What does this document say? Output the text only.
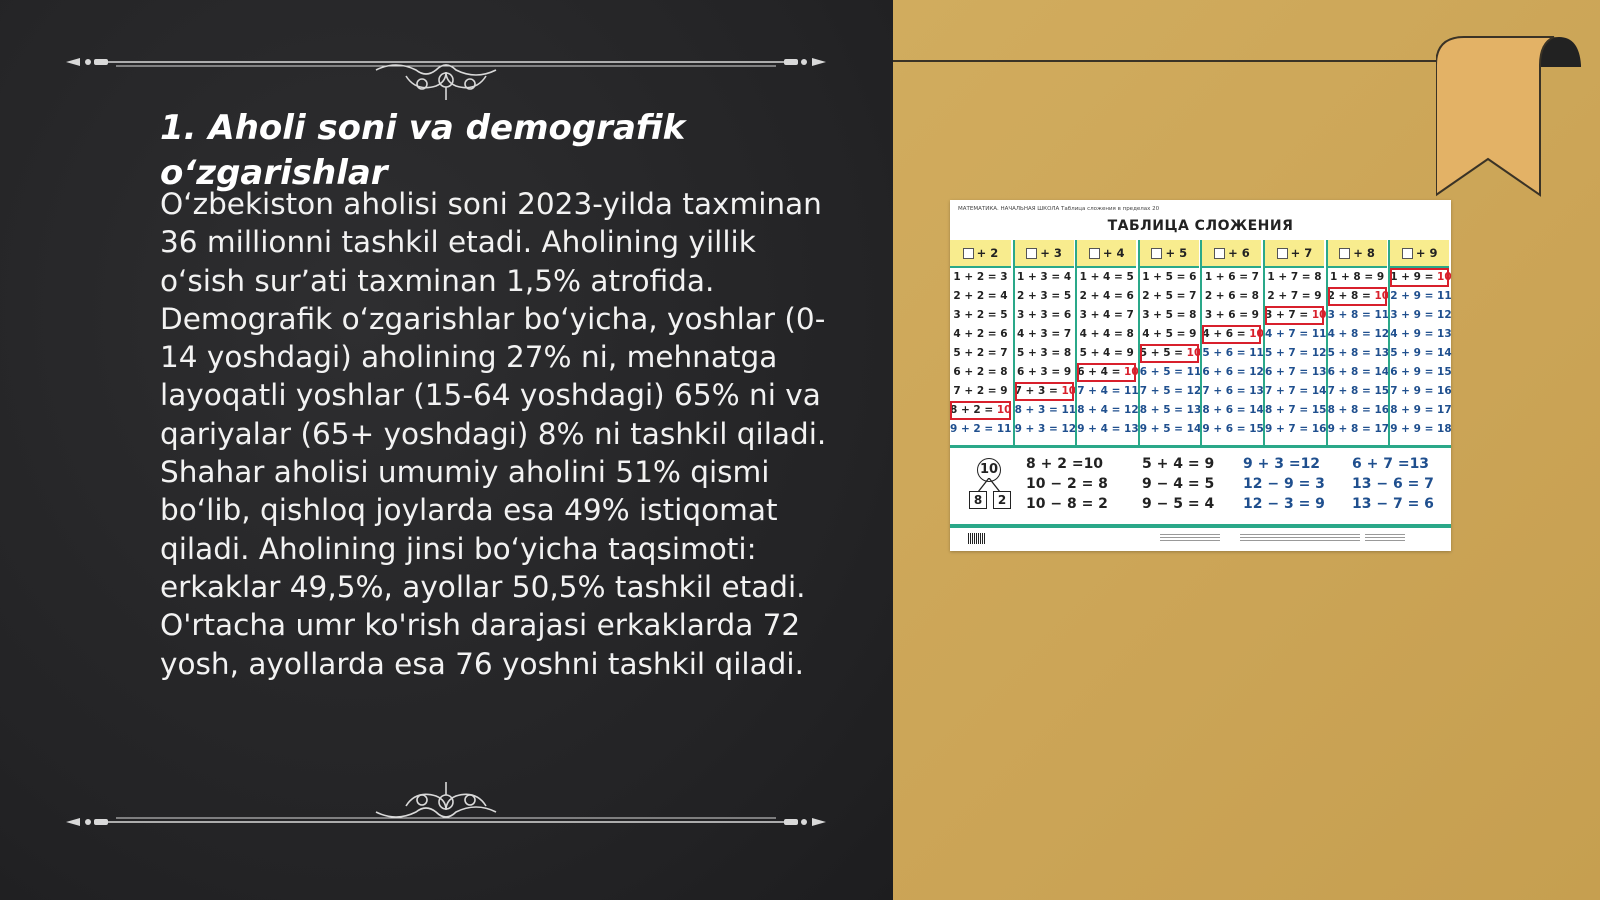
1. Aholi soni va demografik o‘zgarishlar

O‘zbekiston aholisi soni 2023-yilda taxminan 36 millionni tashkil etadi. Aholining yillik o‘sish sur’ati taxminan 1,5% atrofida. Demografik o‘zgarishlar bo‘yicha, yoshlar (0-14 yoshdagi) aholining 27% ni, mehnatga layoqatli yoshlar (15-64 yoshdagi) 65% ni va qariyalar (65+ yoshdagi) 8% ni tashkil qiladi. Shahar aholisi umumiy aholini 51% qismi bo‘lib, qishloq joylarda esa 49% istiqomat qiladi. Aholining jinsi bo‘yicha taqsimoti: erkaklar 49,5%, ayollar 50,5% tashkil etadi. O'rtacha umr ko'rish darajasi erkaklarda 72 yosh, ayollarda esa 76 yoshni tashkil qiladi.

МАТЕМАТИКА. НАЧАЛЬНАЯ ШКОЛА Таблица сложения в пределах 20
ТАБЛИЦА СЛОЖЕНИЯ
+ 2
1 + 2 = 3
2 + 2 = 4
3 + 2 = 5
4 + 2 = 6
5 + 2 = 7
6 + 2 = 8
7 + 2 = 9
8 + 2 = 10
9 + 2 = 11
+ 3
1 + 3 = 4
2 + 3 = 5
3 + 3 = 6
4 + 3 = 7
5 + 3 = 8
6 + 3 = 9
7 + 3 = 10
8 + 3 = 11
9 + 3 = 12
+ 4
1 + 4 = 5
2 + 4 = 6
3 + 4 = 7
4 + 4 = 8
5 + 4 = 9
6 + 4 = 10
7 + 4 = 11
8 + 4 = 12
9 + 4 = 13
+ 5
1 + 5 = 6
2 + 5 = 7
3 + 5 = 8
4 + 5 = 9
5 + 5 = 10
6 + 5 = 11
7 + 5 = 12
8 + 5 = 13
9 + 5 = 14
+ 6
1 + 6 = 7
2 + 6 = 8
3 + 6 = 9
4 + 6 = 10
5 + 6 = 11
6 + 6 = 12
7 + 6 = 13
8 + 6 = 14
9 + 6 = 15
+ 7
1 + 7 = 8
2 + 7 = 9
3 + 7 = 10
4 + 7 = 11
5 + 7 = 12
6 + 7 = 13
7 + 7 = 14
8 + 7 = 15
9 + 7 = 16
+ 8
1 + 8 = 9
2 + 8 = 10
3 + 8 = 11
4 + 8 = 12
5 + 8 = 13
6 + 8 = 14
7 + 8 = 15
8 + 8 = 16
9 + 8 = 17
+ 9
1 + 9 = 10
2 + 9 = 11
3 + 9 = 12
4 + 9 = 13
5 + 9 = 14
6 + 9 = 15
7 + 9 = 16
8 + 9 = 17
9 + 9 = 18
10
8	2
8 + 2 =10
10 − 2 = 8
10 − 8 = 2
5 + 4 = 9
9 − 4 = 5
9 − 5 = 4
9 + 3 =12
12 − 9 = 3
12 − 3 = 9
6 + 7 =13
13 − 6 = 7
13 − 7 = 6
